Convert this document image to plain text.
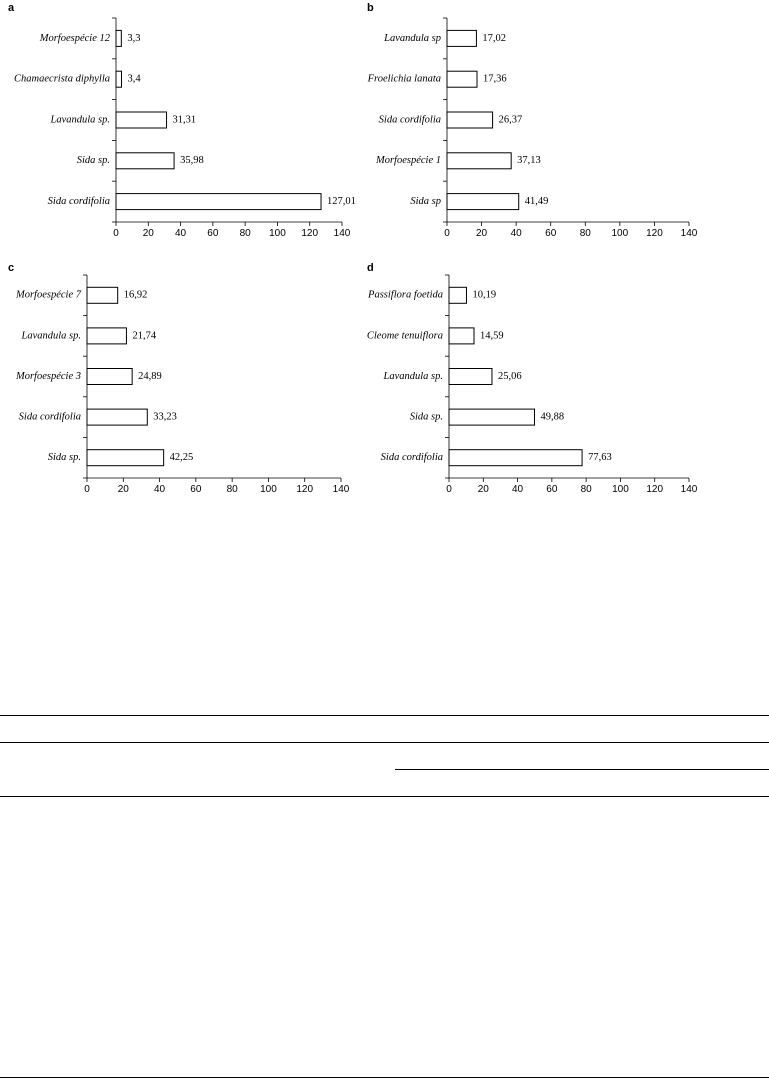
a
0 20 40 60 80 100 120 140
Morfoespécie 12 3,3
Chamaecrista diphylla 3,4
Lavandula sp.	31,31
Sida sp.	35,98
Sida cordifolia	127,01
b
0	20 40 60 80 100 120 140
Lavandula sp	17,02
Froelichia lanata	17,36
Sida cordifolia	26,37
Morfoespécie 1	37,13
Sida sp	41,49
c
0	20	40	60	80 100 120 140
Morfoespécie 7	16,92
Lavandula sp.	21,74
Morfoespécie 3	24,89
Sida cordifolia	33,23
Sida sp.	42,25
d
0	20 40 60 80 100 120 140
Passiflora foetida	10,19
Cleome tenuiflora	14,59
Lavandula sp.	25,06
Sida sp.	49,88
Sida cordifolia	77,63
